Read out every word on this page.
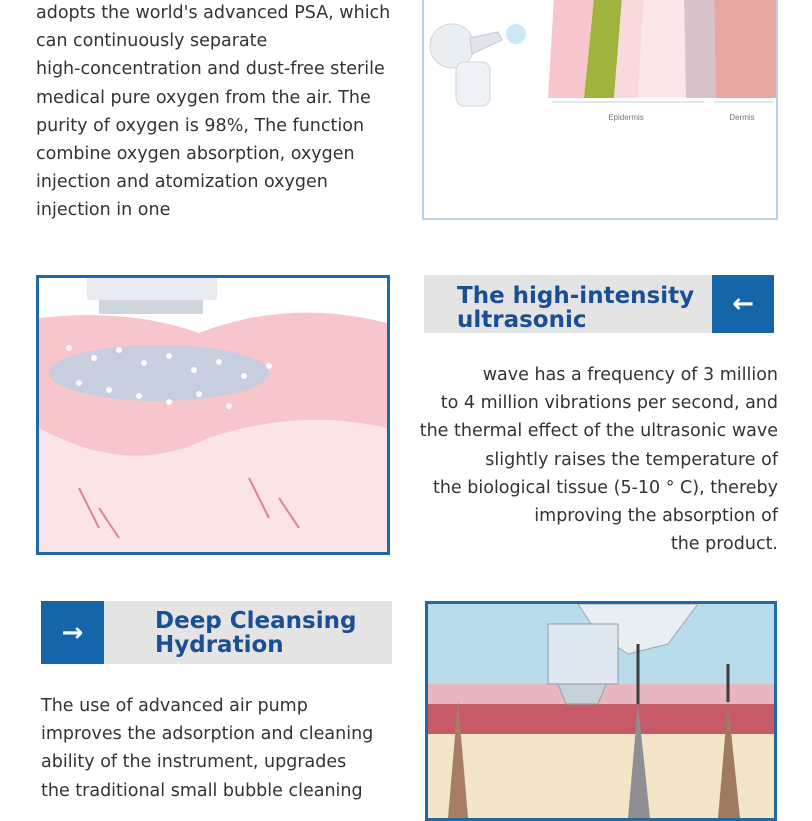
adopts the world's advanced PSA, which
can continuously separate
high-concentration and dust-free sterile
medical pure oxygen from the air. The
purity of oxygen is 98%, The function
combine oxygen absorption, oxygen
injection and atomization oxygen
injection in one
Epidermis	Dermis
The high-intensity
ultrasonic
←
wave has a frequency of 3 million
to 4 million vibrations per second, and
the thermal effect of the ultrasonic wave
slightly raises the temperature of
the biological tissue (5-10 ° C), thereby
improving the absorption of
the product.
→	Deep Cleansing
Hydration
The use of advanced air pump
improves the adsorption and cleaning
ability of the instrument, upgrades
the traditional small bubble cleaning
